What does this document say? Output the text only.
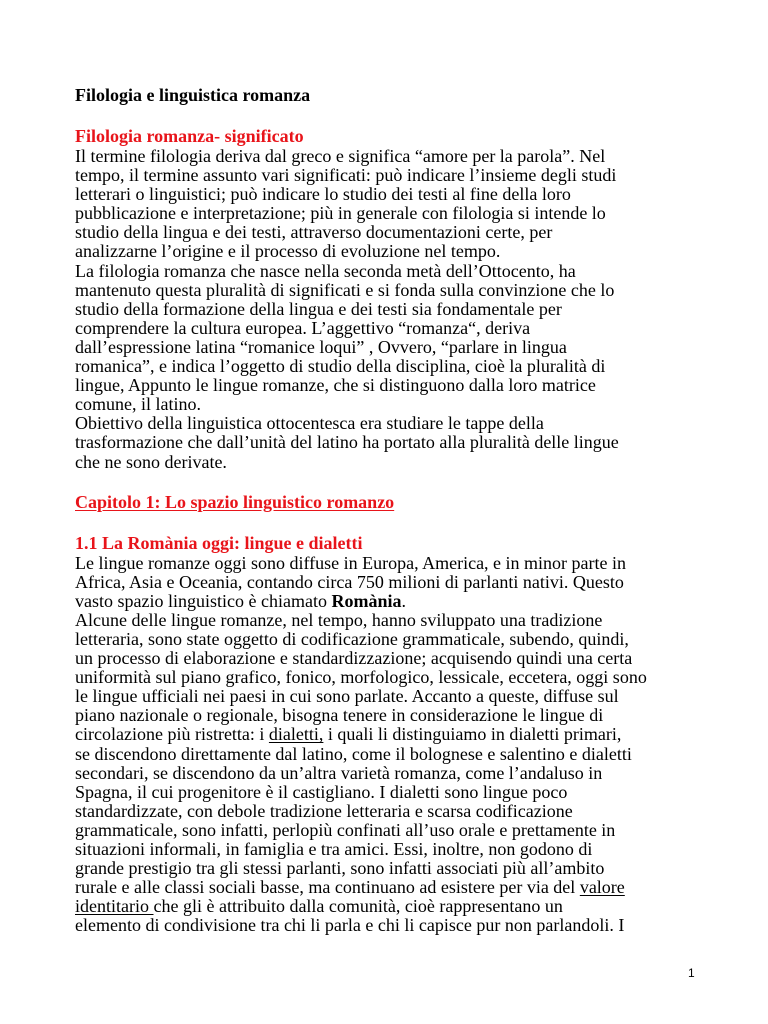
Filologia e linguistica romanza

Filologia romanza- significato

Il termine filologia deriva dal greco e significa “amore per la parola”. Nel

tempo, il termine assunto vari significati: può indicare l’insieme degli studi

letterari o linguistici; può indicare lo studio dei testi al fine della loro

pubblicazione e interpretazione; più in generale con filologia si intende lo

studio della lingua e dei testi, attraverso documentazioni certe, per

analizzarne l’origine e il processo di evoluzione nel tempo.

La filologia romanza che nasce nella seconda metà dell’Ottocento, ha

mantenuto questa pluralità di significati e si fonda sulla convinzione che lo

studio della formazione della lingua e dei testi sia fondamentale per

comprendere la cultura europea. L’aggettivo “romanza“, deriva

dall’espressione latina “romanice loqui” , Ovvero, “parlare in lingua

romanica”, e indica l’oggetto di studio della disciplina, cioè la pluralità di

lingue, Appunto le lingue romanze, che si distinguono dalla loro matrice

comune, il latino.

Obiettivo della linguistica ottocentesca era studiare le tappe della

trasformazione che dall’unità del latino ha portato alla pluralità delle lingue

che ne sono derivate.

Capitolo 1: Lo spazio linguistico romanzo

1.1 La Romània oggi: lingue e dialetti

Le lingue romanze oggi sono diffuse in Europa, America, e in minor parte in

Africa, Asia e Oceania, contando circa 750 milioni di parlanti nativi. Questo

vasto spazio linguistico è chiamato Romània.

Alcune delle lingue romanze, nel tempo, hanno sviluppato una tradizione

letteraria, sono state oggetto di codificazione grammaticale, subendo, quindi,

un processo di elaborazione e standardizzazione; acquisendo quindi una certa

uniformità sul piano grafico, fonico, morfologico, lessicale, eccetera, oggi sono

le lingue ufficiali nei paesi in cui sono parlate. Accanto a queste, diffuse sul

piano nazionale o regionale, bisogna tenere in considerazione le lingue di

circolazione più ristretta: i dialetti, i quali li distinguiamo in dialetti primari,

se discendono direttamente dal latino, come il bolognese e salentino e dialetti

secondari, se discendono da un’altra varietà romanza, come l’andaluso in

Spagna, il cui progenitore è il castigliano. I dialetti sono lingue poco

standardizzate, con debole tradizione letteraria e scarsa codificazione

grammaticale, sono infatti, perlopiù confinati all’uso orale e prettamente in

situazioni informali, in famiglia e tra amici. Essi, inoltre, non godono di

grande prestigio tra gli stessi parlanti, sono infatti associati più all’ambito

rurale e alle classi sociali basse, ma continuano ad esistere per via del valore

identitario che gli è attribuito dalla comunità, cioè rappresentano un

elemento di condivisione tra chi li parla e chi li capisce pur non parlandoli. I

1
